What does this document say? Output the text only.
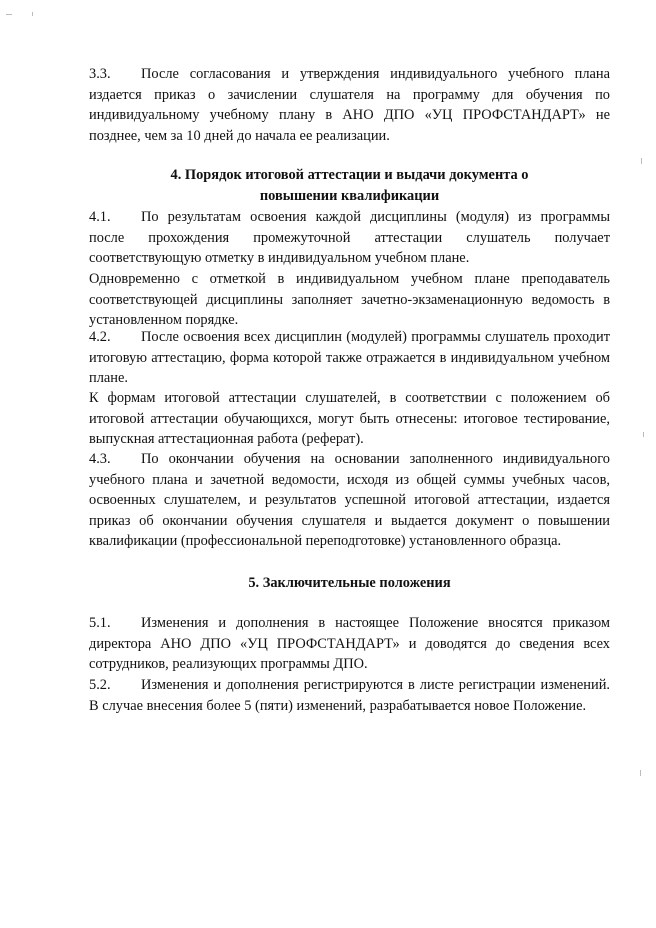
3.3. После согласования и утверждения индивидуального учебного плана издается приказ о зачислении слушателя на программу для обучения по индивидуальному учебному плану в АНО ДПО «УЦ ПРОФСТАНДАРТ» не позднее, чем за 10 дней до начала ее реализации.

4. Порядок итоговой аттестации и выдачи документа о
повышении квалификации

4.1. По результатам освоения каждой дисциплины (модуля) из программы после прохождения промежуточной аттестации слушатель получает соответствующую отметку в индивидуальном учебном плане.

Одновременно с отметкой в индивидуальном учебном плане преподаватель соответствующей дисциплины заполняет зачетно-экзаменационную ведомость в установленном порядке.

4.2. После освоения всех дисциплин (модулей) программы слушатель проходит итоговую аттестацию, форма которой также отражается в индивидуальном учебном плане.

К формам итоговой аттестации слушателей, в соответствии с положением об итоговой аттестации обучающихся, могут быть отнесены: итоговое тестирование, выпускная аттестационная работа (реферат).

4.3. По окончании обучения на основании заполненного индивидуального учебного плана и зачетной ведомости, исходя из общей суммы учебных часов, освоенных слушателем, и результатов успешной итоговой аттестации, издается приказ об окончании обучения слушателя и выдается документ о повышении квалификации (профессиональной переподготовке) установленного образца.

5. Заключительные положения

5.1. Изменения и дополнения в настоящее Положение вносятся приказом директора АНО ДПО «УЦ ПРОФСТАНДАРТ» и доводятся до сведения всех сотрудников, реализующих программы ДПО.

5.2. Изменения и дополнения регистрируются в листе регистрации изменений. В случае внесения более 5 (пяти) изменений, разрабатывается новое Положение.
